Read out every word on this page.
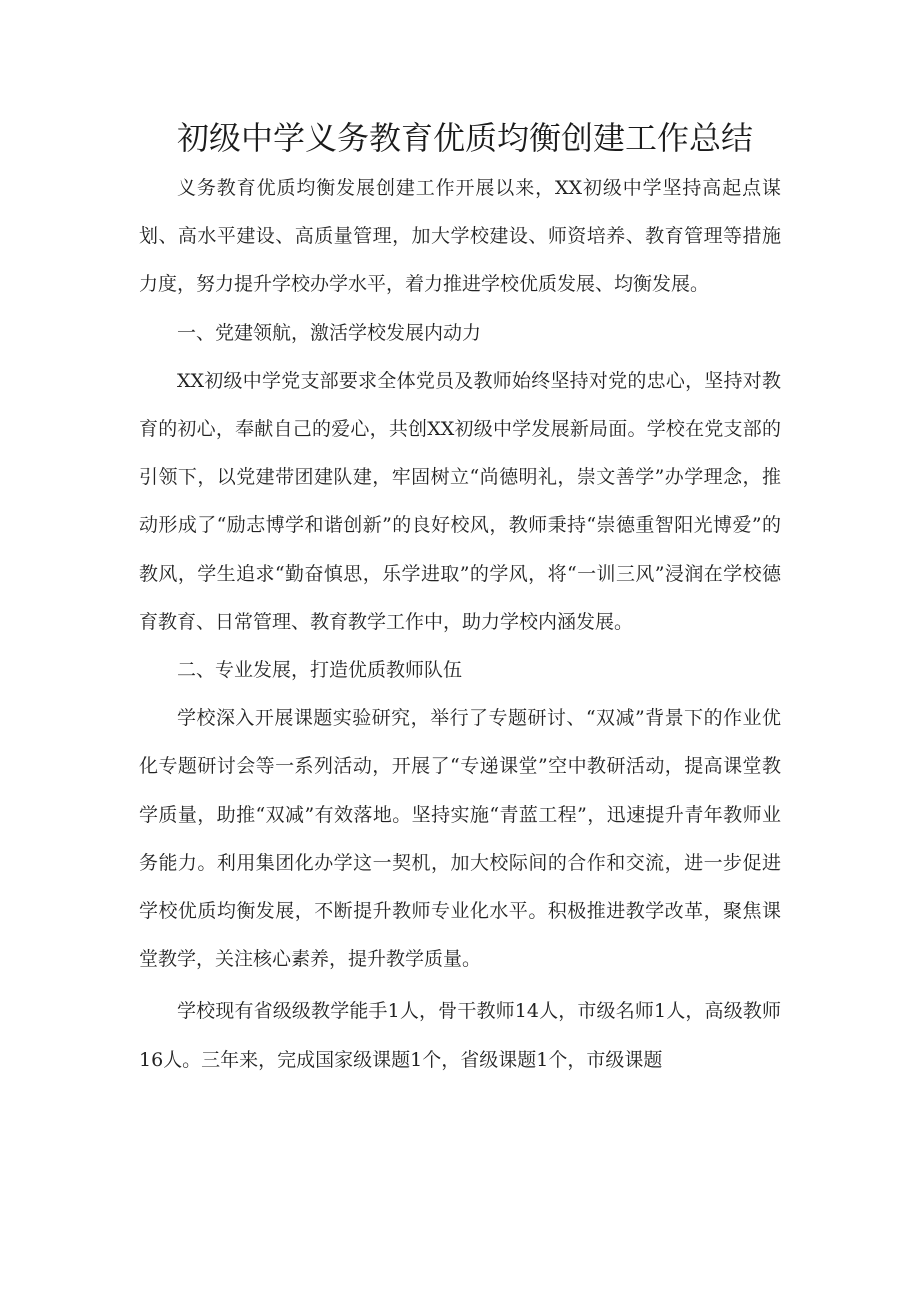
初级中学义务教育优质均衡创建工作总结

义务教育优质均衡发展创建工作开展以来，XX初级中学坚持高起点谋划、高水平建设、高质量管理，加大学校建设、师资培养、教育管理等措施力度，努力提升学校办学水平，着力推进学校优质发展、均衡发展。

一、党建领航，激活学校发展内动力

XX初级中学党支部要求全体党员及教师始终坚持对党的忠心，坚持对教育的初心，奉献自己的爱心，共创XX初级中学发展新局面。学校在党支部的引领下，以党建带团建队建，牢固树立“尚德明礼，崇文善学”办学理念，推动形成了“励志博学和谐创新”的良好校风，教师秉持“崇德重智阳光博爱”的教风，学生追求“勤奋慎思，乐学进取”的学风，将“一训三风”浸润在学校德育教育、日常管理、教育教学工作中，助力学校内涵发展。

二、专业发展，打造优质教师队伍

学校深入开展课题实验研究，举行了专题研讨、“双减”背景下的作业优化专题研讨会等一系列活动，开展了“专递课堂”空中教研活动，提高课堂教学质量，助推“双减”有效落地。坚持实施“青蓝工程”，迅速提升青年教师业务能力。利用集团化办学这一契机，加大校际间的合作和交流，进一步促进学校优质均衡发展，不断提升教师专业化水平。积极推进教学改革，聚焦课堂教学，关注核心素养，提升教学质量。

学校现有省级级教学能手1人，骨干教师14人，市级名师1人，高级教师16人。三年来，完成国家级课题1个，省级课题1个，市级课题
